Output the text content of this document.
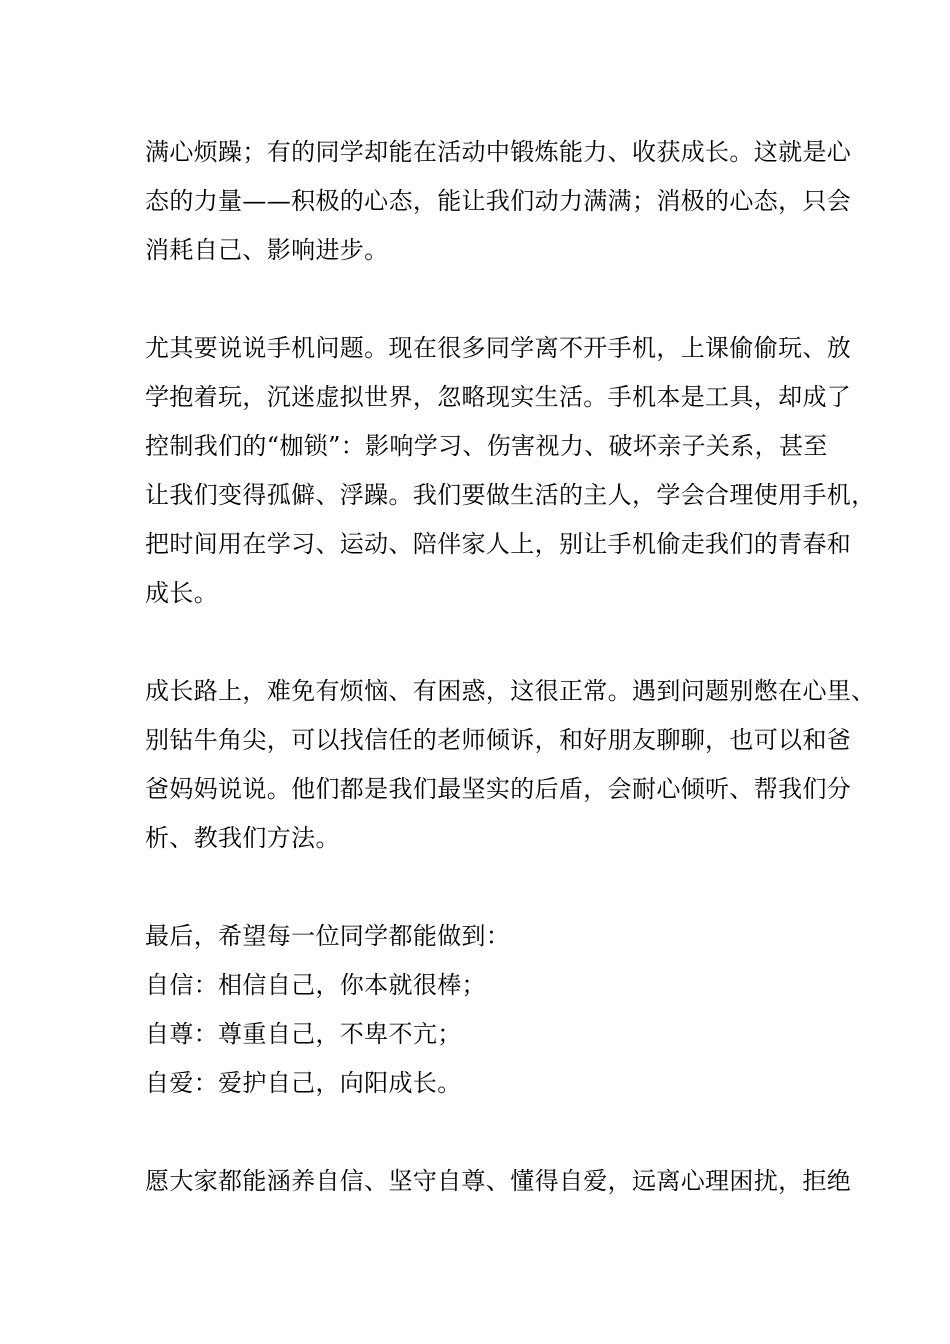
满心烦躁；有的同学却能在活动中锻炼能力、收获成长。这就是心
态的力量——积极的心态，能让我们动力满满；消极的心态，只会
消耗自己、影响进步。
尤其要说说手机问题。现在很多同学离不开手机，上课偷偷玩、放
学抱着玩，沉迷虚拟世界，忽略现实生活。手机本是工具，却成了
控制我们的“枷锁”：影响学习、伤害视力、破坏亲子关系，甚至
让我们变得孤僻、浮躁。我们要做生活的主人，学会合理使用手机，
把时间用在学习、运动、陪伴家人上，别让手机偷走我们的青春和
成长。
成长路上，难免有烦恼、有困惑，这很正常。遇到问题别憋在心里、
别钻牛角尖，可以找信任的老师倾诉，和好朋友聊聊，也可以和爸
爸妈妈说说。他们都是我们最坚实的后盾，会耐心倾听、帮我们分
析、教我们方法。
最后，希望每一位同学都能做到：
自信：相信自己，你本就很棒；
自尊：尊重自己，不卑不亢；
自爱：爱护自己，向阳成长。
愿大家都能涵养自信、坚守自尊、懂得自爱，远离心理困扰，拒绝
